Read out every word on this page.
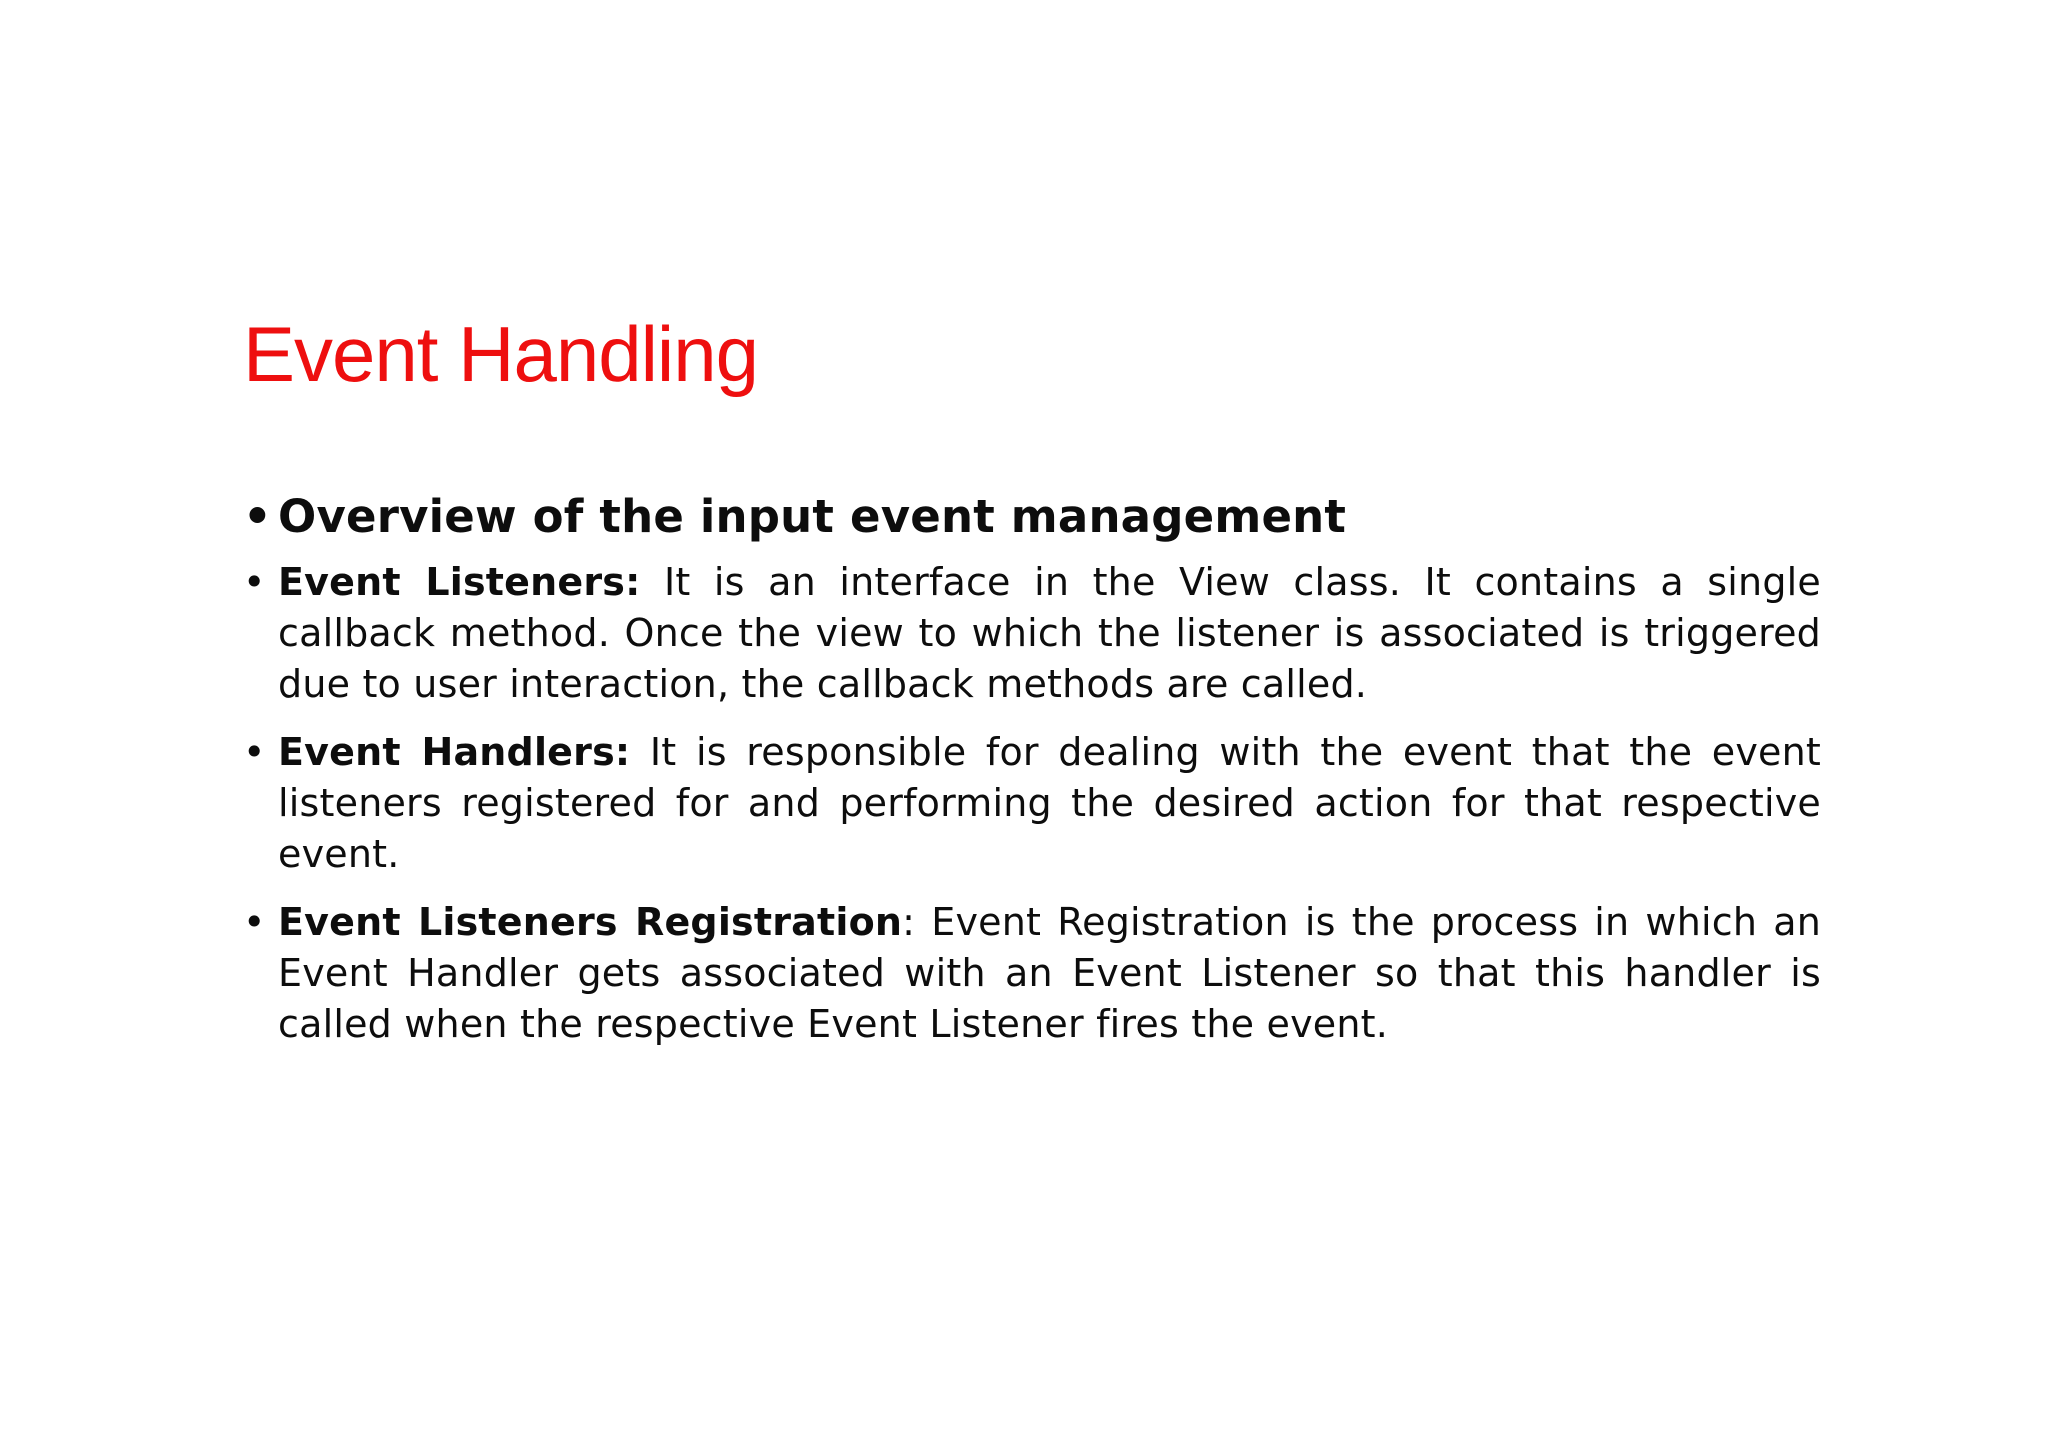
Event Handling
• Overview of the input event management
• Event Listeners: It is an interface in the View class. It contains a single callback method. Once the view to which the listener is associated is triggered due to user interaction, the callback methods are called.
• Event Handlers: It is responsible for dealing with the event that the event listeners registered for and performing the desired action for that respective event.
• Event Listeners Registration: Event Registration is the process in which an Event Handler gets associated with an Event Listener so that this handler is called when the respective Event Listener fires the event.
